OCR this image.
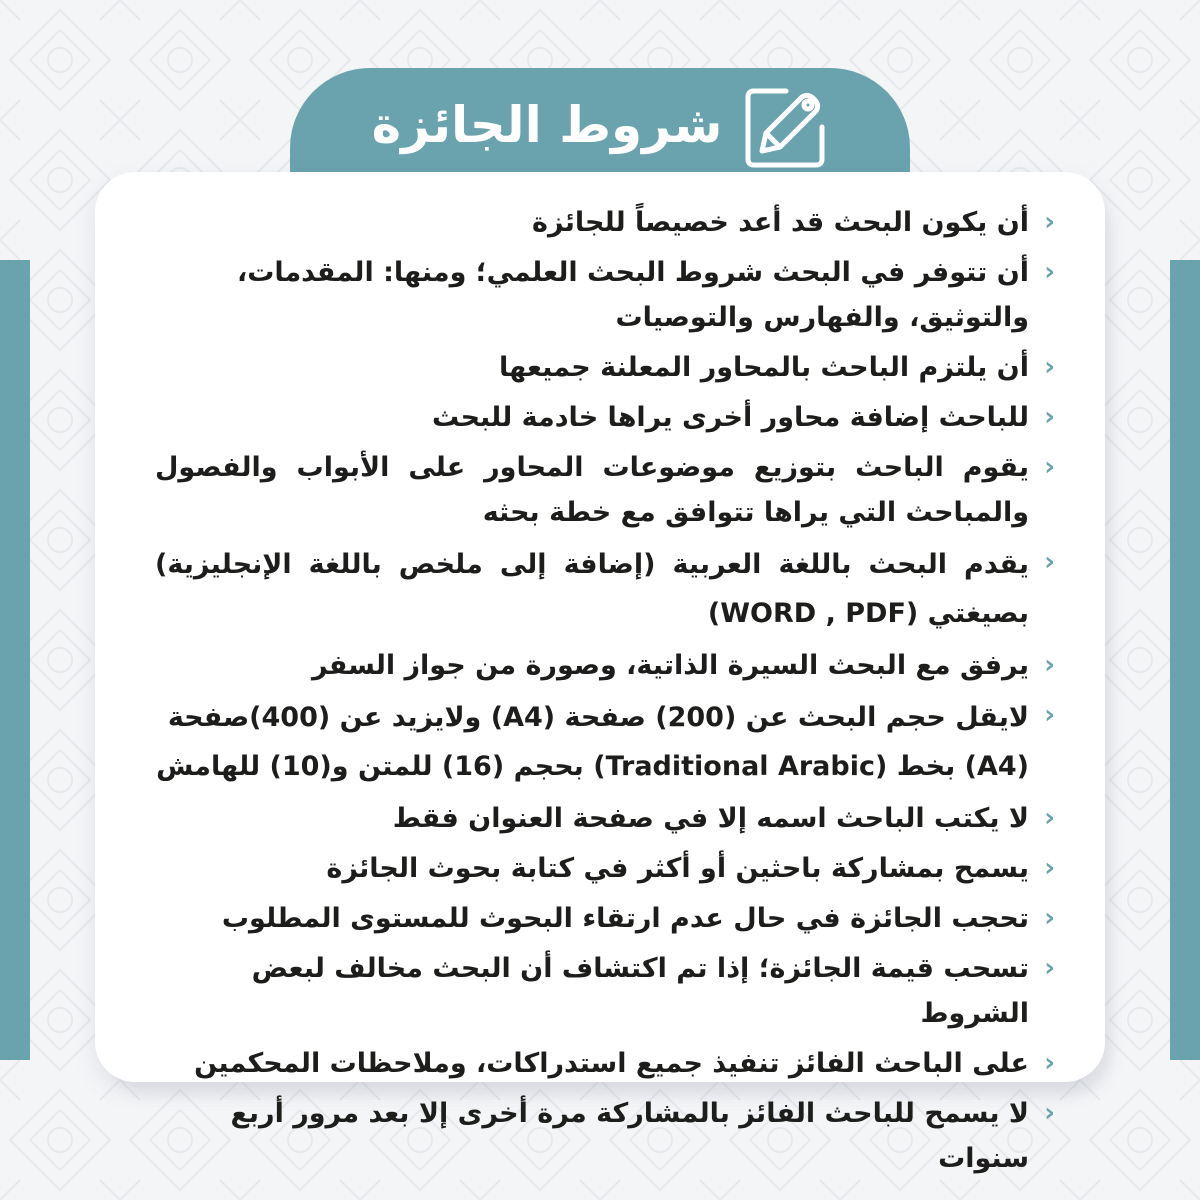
شروط الجائزة
‹
أن يكون البحث قد أعد خصيصاً للجائزة
‹
أن تتوفر في البحث شروط البحث العلمي؛ ومنها: المقدمات، والتوثيق، والفهارس والتوصيات
‹
أن يلتزم الباحث بالمحاور المعلنة جميعها
‹
للباحث إضافة محاور أخرى يراها خادمة للبحث
‹
يقوم الباحث بتوزيع موضوعات المحاور على الأبواب والفصول والمباحث التي يراها تتوافق مع خطة بحثه
‹
يقدم البحث باللغة العربية (إضافة إلى ملخص باللغة الإنجليزية) بصيغتي (WORD , PDF)
‹
يرفق مع البحث السيرة الذاتية، وصورة من جواز السفر
‹
لايقل حجم البحث عن (200) صفحة (A4) ولايزيد عن (400)صفحة (A4) بخط (Traditional Arabic) بحجم (16) للمتن و(10) للهامش
‹
لا يكتب الباحث اسمه إلا في صفحة العنوان فقط
‹
يسمح بمشاركة باحثين أو أكثر في كتابة بحوث الجائزة
‹
تحجب الجائزة في حال عدم ارتقاء البحوث للمستوى المطلوب
‹
تسحب قيمة الجائزة؛ إذا تم اكتشاف أن البحث مخالف لبعض الشروط
‹
على الباحث الفائز تنفيذ جميع استدراكات، وملاحظات المحكمين
‹
لا يسمح للباحث الفائز بالمشاركة مرة أخرى إلا بعد مرور أربع سنوات
